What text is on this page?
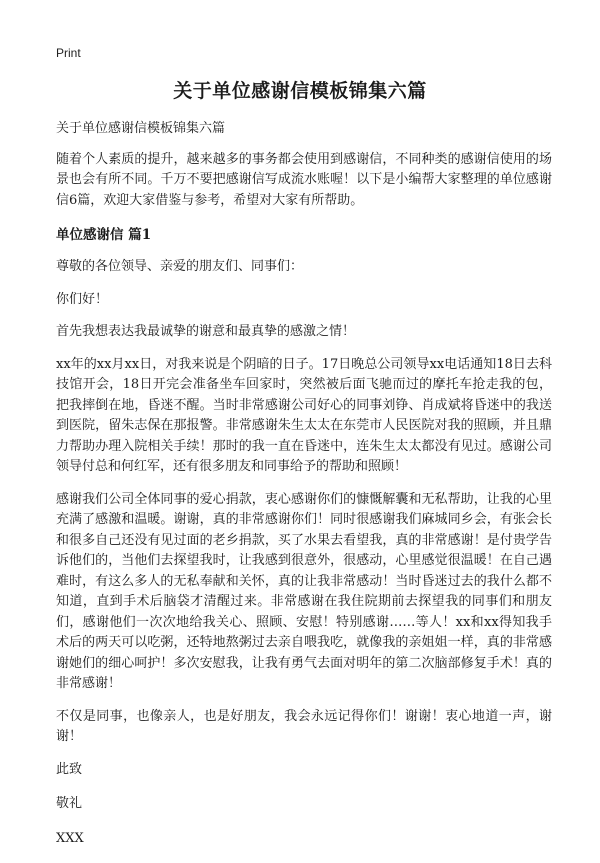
Print
关于单位感谢信模板锦集六篇

关于单位感谢信模板锦集六篇

随着个人素质的提升，越来越多的事务都会使用到感谢信，不同种类的感谢信使用的场景也会有所不同。千万不要把感谢信写成流水账喔！以下是小编帮大家整理的单位感谢信6篇，欢迎大家借鉴与参考，希望对大家有所帮助。

单位感谢信 篇1

尊敬的各位领导、亲爱的朋友们、同事们：

你们好！

首先我想表达我最诚挚的谢意和最真挚的感激之情！

xx年的xx月xx日，对我来说是个阴暗的日子。17日晚总公司领导xx电话通知18日去科技馆开会，18日开完会准备坐车回家时，突然被后面飞驰而过的摩托车抢走我的包，把我摔倒在地，昏迷不醒。当时非常感谢公司好心的同事刘铮、肖成斌将昏迷中的我送到医院，留朱志保在那报警。非常感谢朱生太太在东莞市人民医院对我的照顾，并且鼎力帮助办理入院相关手续！那时的我一直在昏迷中，连朱生太太都没有见过。感谢公司领导付总和何红军，还有很多朋友和同事给予的帮助和照顾！

感谢我们公司全体同事的爱心捐款，衷心感谢你们的慷慨解囊和无私帮助，让我的心里充满了感激和温暖。谢谢，真的非常感谢你们！同时很感谢我们麻城同乡会，有张会长和很多自己还没有见过面的老乡捐款，买了水果去看望我，真的非常感谢！是付贵学告诉他们的，当他们去探望我时，让我感到很意外，很感动，心里感觉很温暖！在自己遇难时，有这么多人的无私奉献和关怀，真的让我非常感动！当时昏迷过去的我什么都不知道，直到手术后脑袋才清醒过来。非常感谢在我住院期前去探望我的同事们和朋友们，感谢他们一次次地给我关心、照顾、安慰！特别感谢……等人！xx和xx得知我手术后的两天可以吃粥，还特地熬粥过去亲自喂我吃，就像我的亲姐姐一样，真的非常感谢她们的细心呵护！多次安慰我，让我有勇气去面对明年的第二次脑部修复手术！真的非常感谢！

不仅是同事，也像亲人，也是好朋友，我会永远记得你们！谢谢！衷心地道一声，谢谢！

此致

敬礼

XXX
